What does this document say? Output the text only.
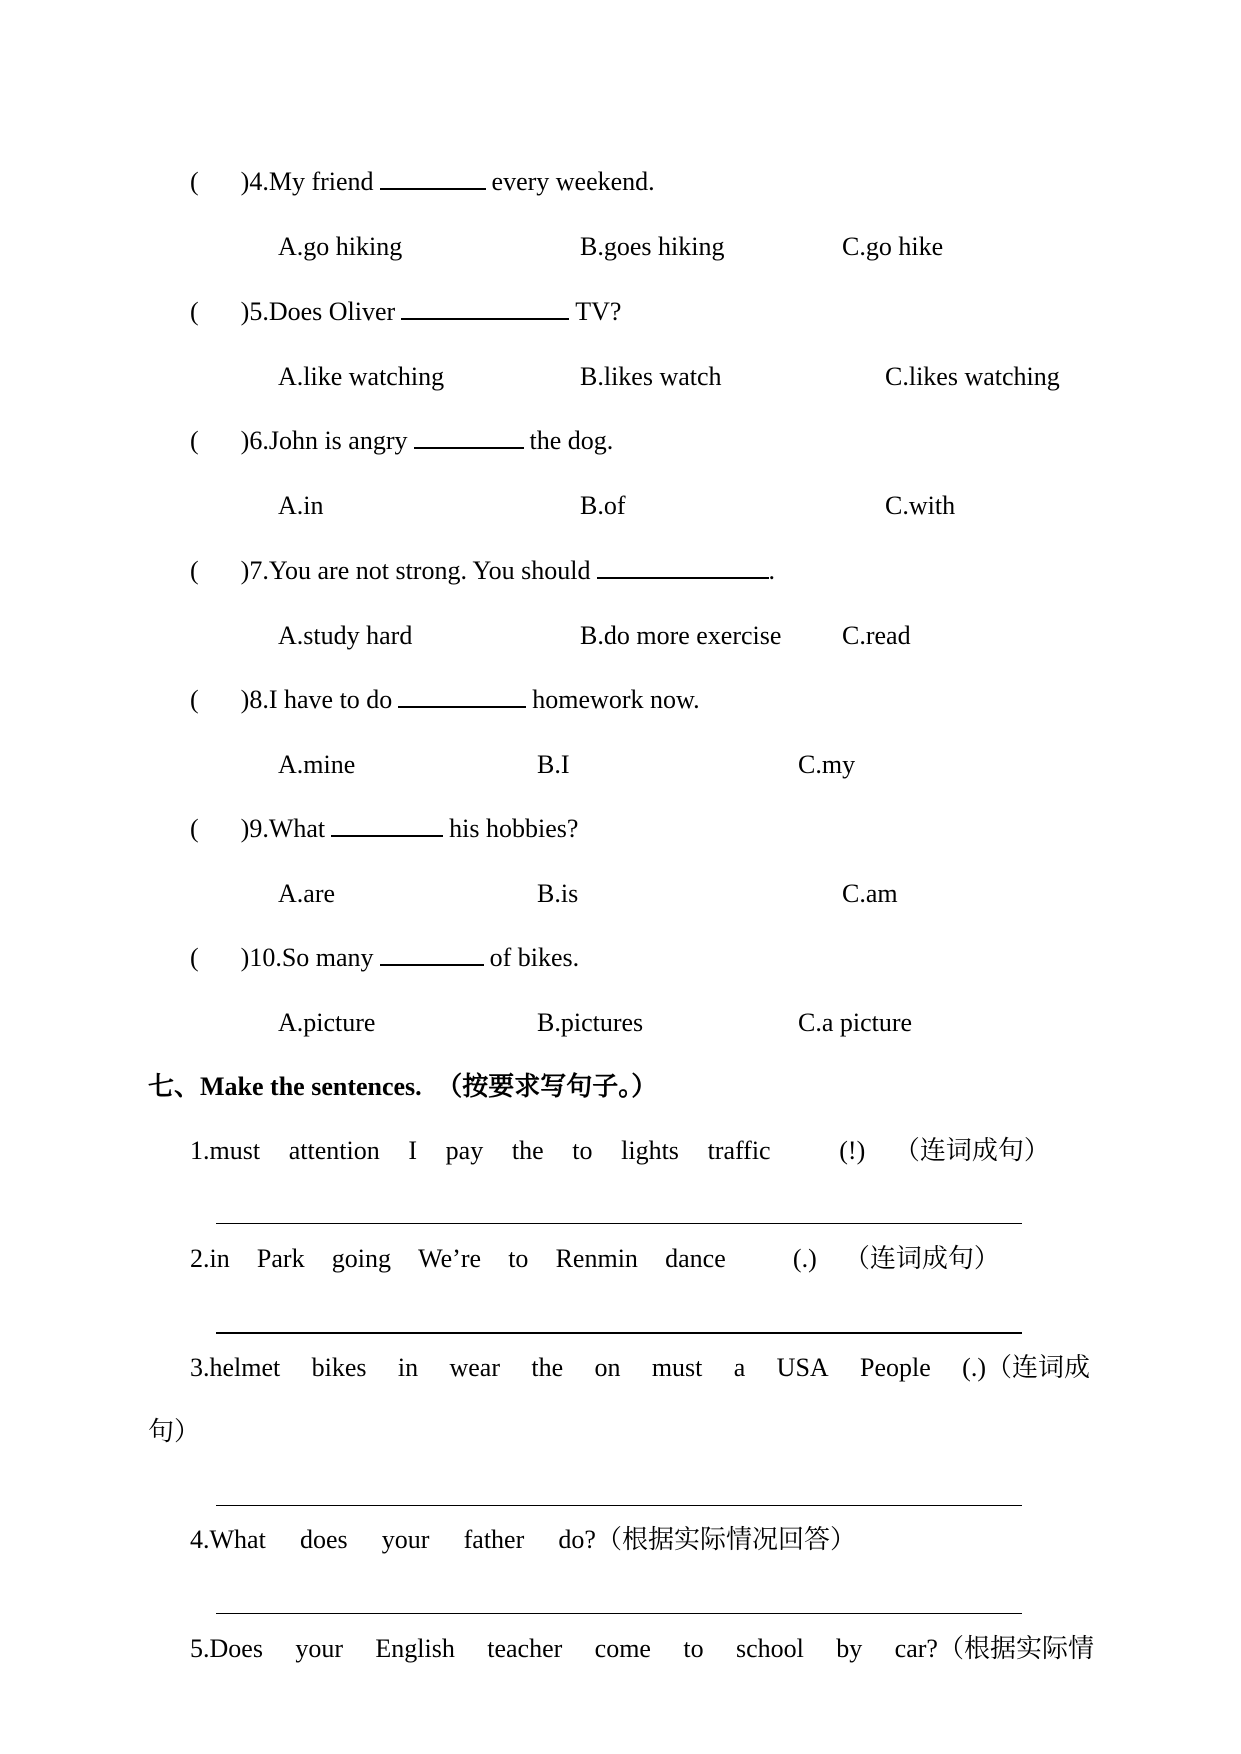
( )4.My friend	every weekend.
A.go hiking	B.goes hiking	C.go hike
( )5.Does Oliver	TV?
A.like watching	B.likes watch	C.likes watching
( )6.John is angry	the dog.
A.in	B.of	C.with
( )7.You are not strong. You should	.
A.study hard	B.do more exercise C.read
( )8.I have to do	homework now.
A.mine	B.I	C.my
( )9.What	his hobbies?
A.are	B.is	C.am
( )10.So many	of bikes.
A.picture	B.pictures	C.a picture
七、Make the sentences. （按要求写句子。）
1.must attention I pay the to lights traffic	(!) （连词成句）
2.in Park going We’re to Renmin dance	(.) （连词成句）
3.helmet bikes in wear the on must a USA People (.)（连词成
句）
4.What does your father do?（根据实际情况回答）
5.Does your English teacher come to school by car?（根据实际情
